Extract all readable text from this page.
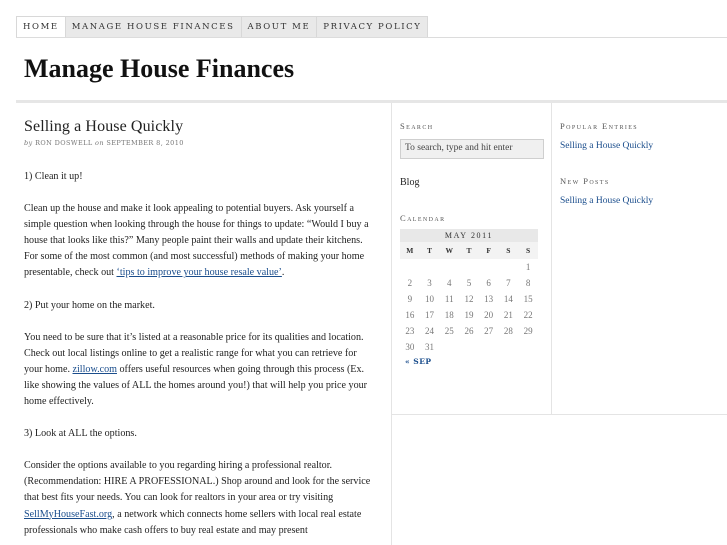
HOME	MANAGE HOUSE FINANCES	ABOUT ME	PRIVACY POLICY
Manage House Finances
Selling a House Quickly
by RON DOSWELL on SEPTEMBER 8, 2010

1) Clean it up!

Clean up the house and make it look appealing to potential buyers. Ask yourself a simple question when looking through the house for things to update: “Would I buy a house that looks like this?” Many people paint their walls and update their kitchens. For some of the most common (and most successful) methods of making your home presentable, check out ‘tips to improve your house resale value’.

2) Put your home on the market.

You need to be sure that it’s listed at a reasonable price for its qualities and location. Check out local listings online to get a realistic range for what you can retrieve for your home. zillow.com offers useful resources when going through this process (Ex. like showing the values of ALL the homes around you!) that will help you price your home effectively.

3) Look at ALL the options.

Consider the options available to you regarding hiring a professional realtor. (Recommendation: HIRE A PROFESSIONAL.) Shop around and look for the service that best fits your needs. You can look for realtors in your area or try visiting SellMyHouseFast.org, a network which connects home sellers with local real estate professionals who make cash offers to buy real estate and may present

Search
To search, type and hit enter
Blog
Calendar
MAY 2011
M	T	W	T	F	S	S
						1
2	3	4	5	6	7	8
9	10	11	12	13	14	15
16	17	18	19	20	21	22
23	24	25	26	27	28	29
30	31					
« SEP
Popular Entries
Selling a House Quickly
New Posts
Selling a House Quickly
